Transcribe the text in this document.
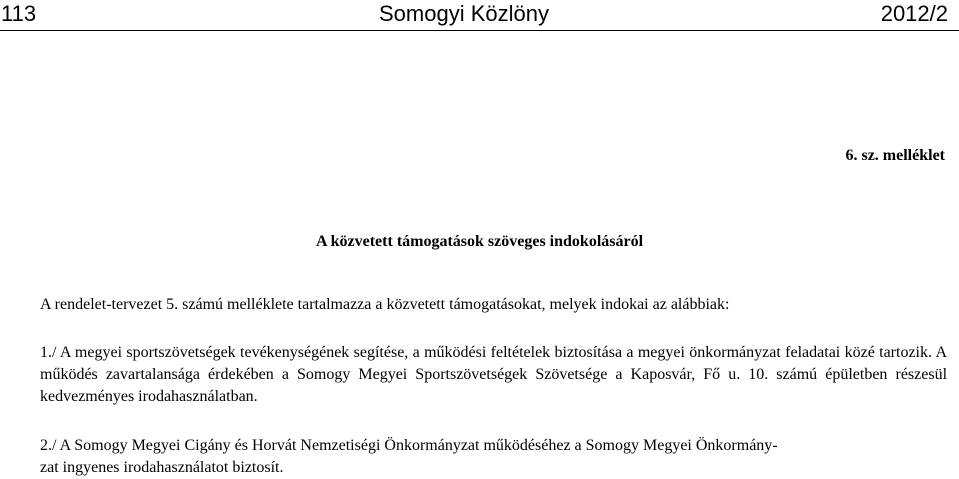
113	Somogyi Közlöny	2012/2
6. sz. melléklet
A közvetett támogatások szöveges indokolásáról
A rendelet-tervezet 5. számú melléklete tartalmazza a közvetett támogatásokat, melyek indokai az alábbiak:

1./ A megyei sportszövetségek tevékenységének segítése, a működési feltételek biztosítása a megyei önkormányzat feladatai közé tartozik. A működés zavartalansága érdekében a Somogy Megyei Sportszövetségek Szövetsége a Kaposvár, Fő u. 10. számú épületben részesül kedvezményes irodahasználatban.

2./ A Somogy Megyei Cigány és Horvát Nemzetiségi Önkormányzat működéséhez a Somogy Megyei Önkormány-
zat ingyenes irodahasználatot biztosít.
